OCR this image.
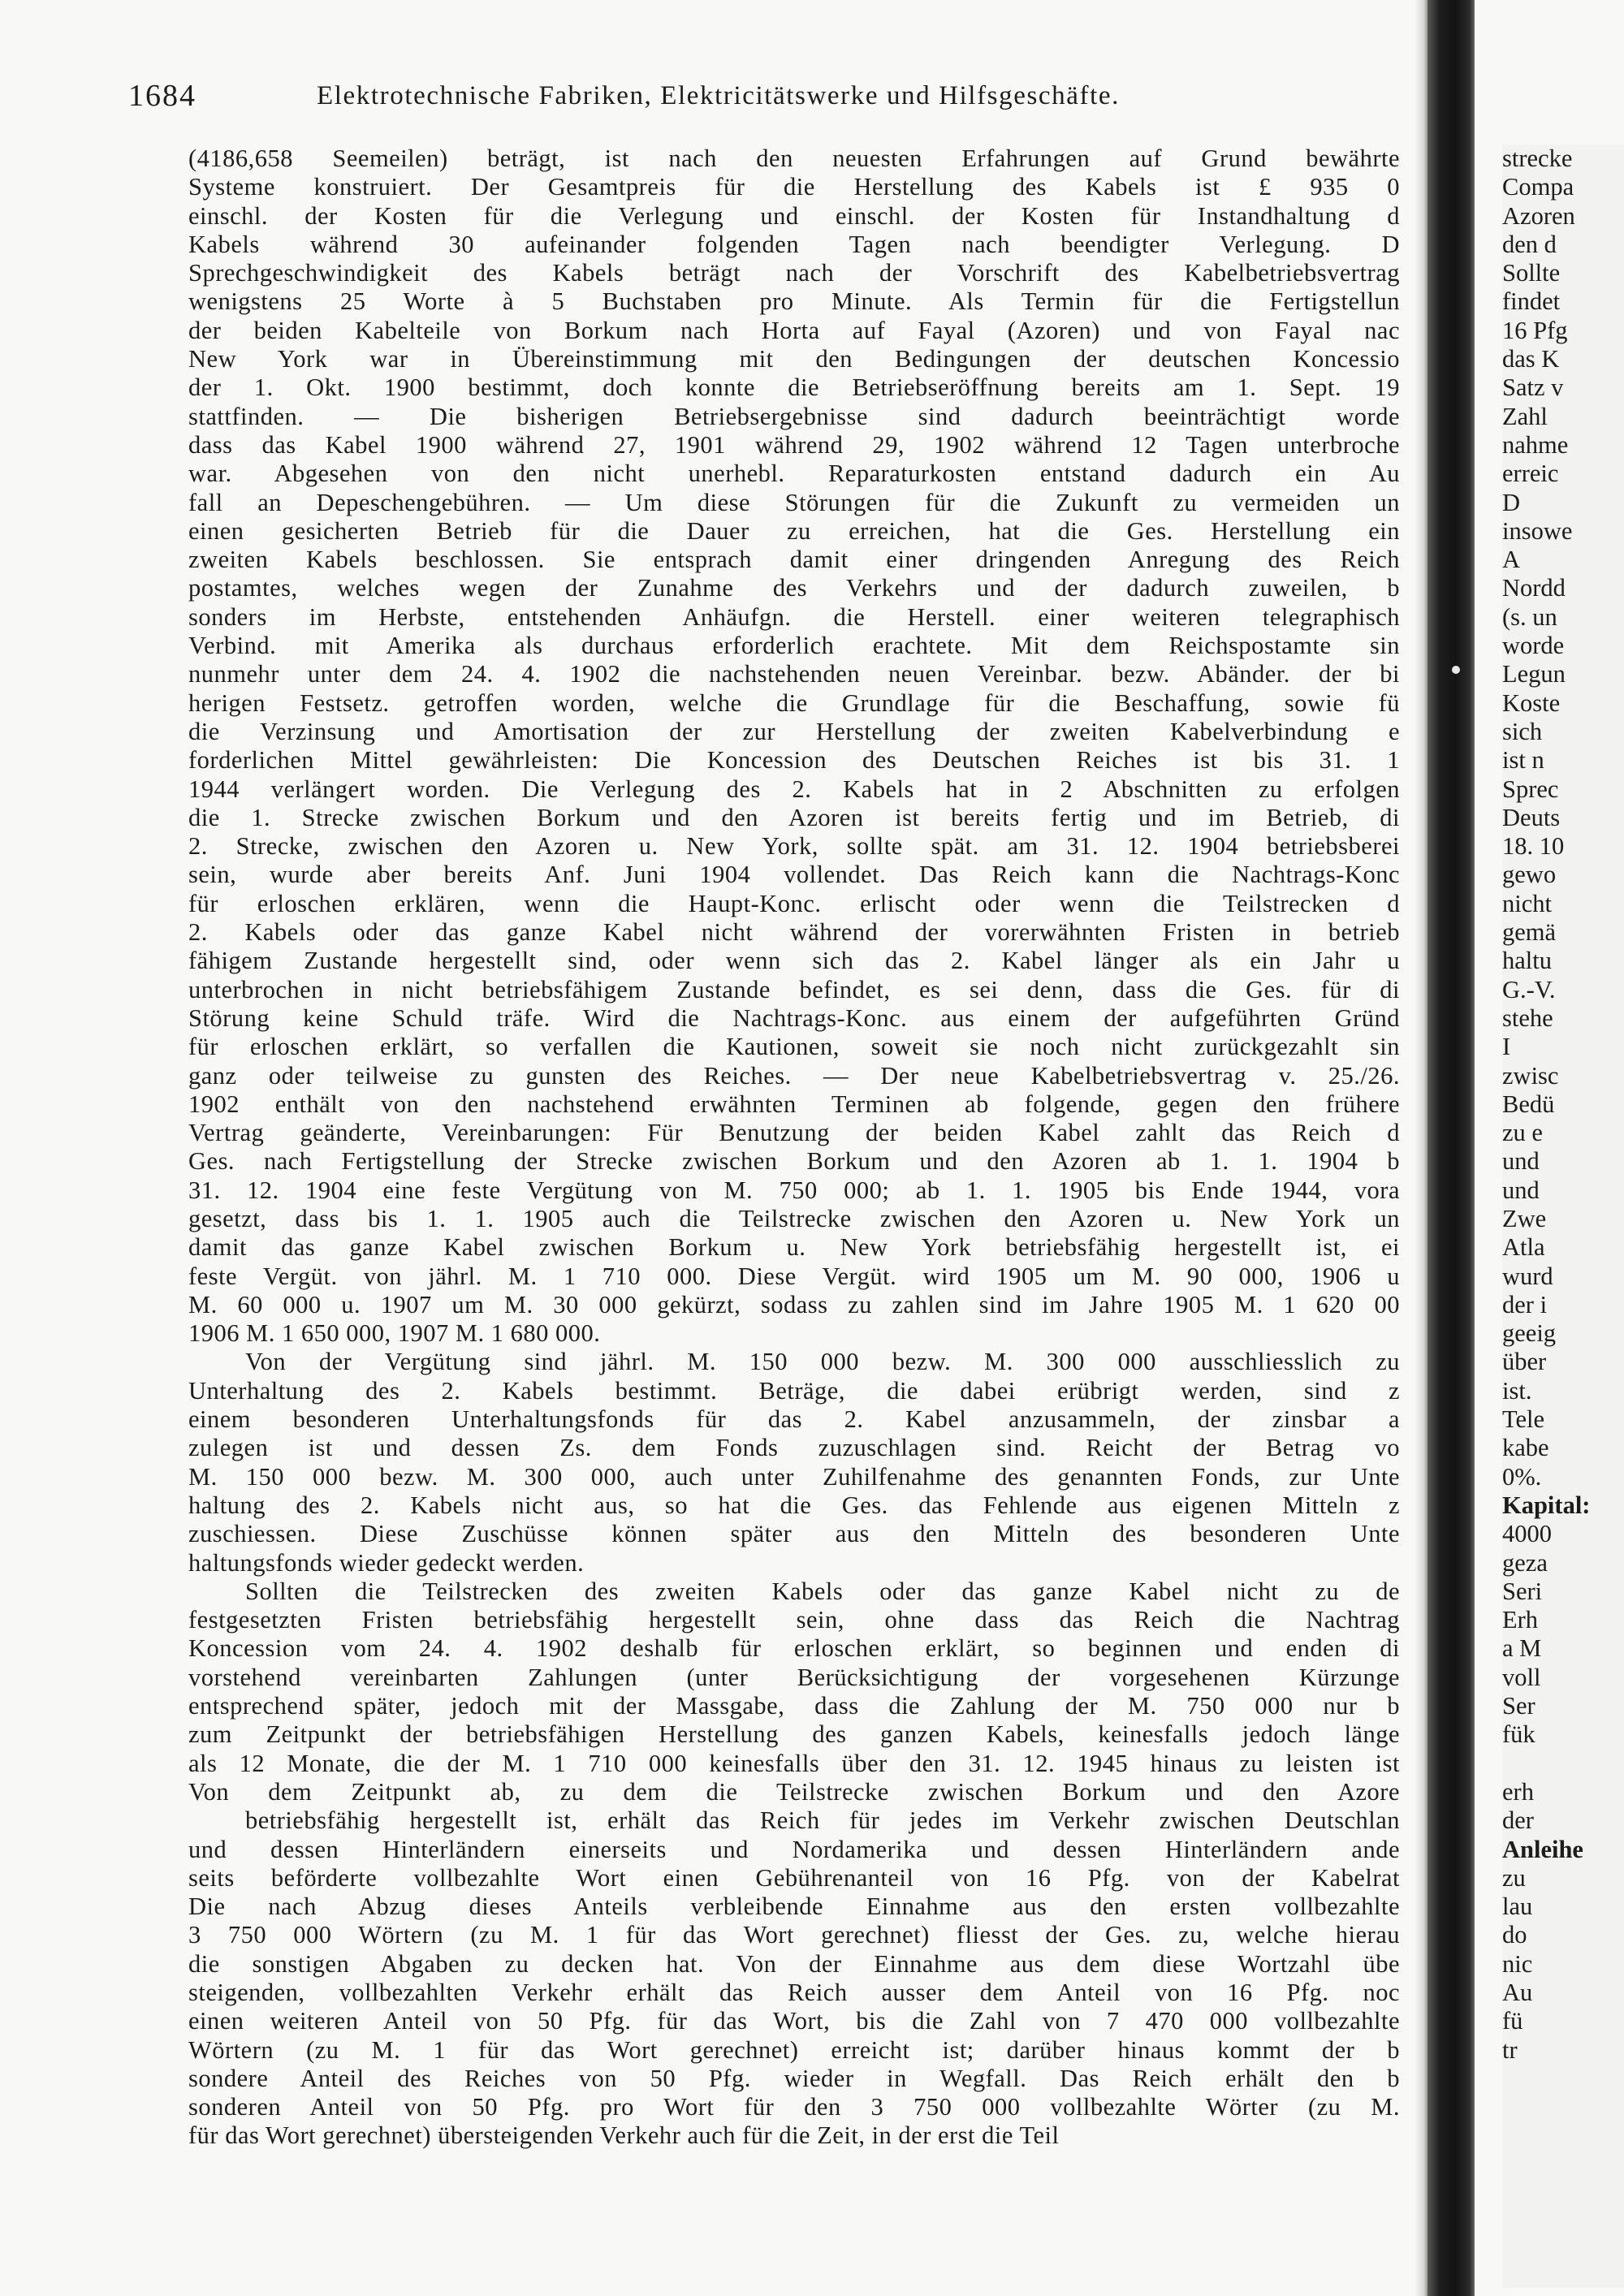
1684	Elektrotechnische Fabriken, Elektricitätswerke und Hilfsgeschäfte.
(4186,658 Seemeilen) beträgt, ist nach den neuesten Erfahrungen auf Grund bewährte
Systeme konstruiert. Der Gesamtpreis für die Herstellung des Kabels ist £ 935 0
einschl. der Kosten für die Verlegung und einschl. der Kosten für Instandhaltung d
Kabels während 30 aufeinander folgenden Tagen nach beendigter Verlegung. D
Sprechgeschwindigkeit des Kabels beträgt nach der Vorschrift des Kabelbetriebsvertrag
wenigstens 25 Worte à 5 Buchstaben pro Minute. Als Termin für die Fertigstellun
der beiden Kabelteile von Borkum nach Horta auf Fayal (Azoren) und von Fayal nac
New York war in Übereinstimmung mit den Bedingungen der deutschen Koncessio
der 1. Okt. 1900 bestimmt, doch konnte die Betriebseröffnung bereits am 1. Sept. 19
stattfinden. — Die bisherigen Betriebsergebnisse sind dadurch beeinträchtigt worde
dass das Kabel 1900 während 27, 1901 während 29, 1902 während 12 Tagen unterbroche
war. Abgesehen von den nicht unerhebl. Reparaturkosten entstand dadurch ein Au
fall an Depeschengebühren. — Um diese Störungen für die Zukunft zu vermeiden un
einen gesicherten Betrieb für die Dauer zu erreichen, hat die Ges. Herstellung ein
zweiten Kabels beschlossen. Sie entsprach damit einer dringenden Anregung des Reich
postamtes, welches wegen der Zunahme des Verkehrs und der dadurch zuweilen, b
sonders im Herbste, entstehenden Anhäufgn. die Herstell. einer weiteren telegraphisch
Verbind. mit Amerika als durchaus erforderlich erachtete. Mit dem Reichspostamte sin
nunmehr unter dem 24. 4. 1902 die nachstehenden neuen Vereinbar. bezw. Abänder. der bi
herigen Festsetz. getroffen worden, welche die Grundlage für die Beschaffung, sowie fü
die Verzinsung und Amortisation der zur Herstellung der zweiten Kabelverbindung e
forderlichen Mittel gewährleisten: Die Koncession des Deutschen Reiches ist bis 31. 1
1944 verlängert worden. Die Verlegung des 2. Kabels hat in 2 Abschnitten zu erfolgen
die 1. Strecke zwischen Borkum und den Azoren ist bereits fertig und im Betrieb, di
2. Strecke, zwischen den Azoren u. New York, sollte spät. am 31. 12. 1904 betriebsberei
sein, wurde aber bereits Anf. Juni 1904 vollendet. Das Reich kann die Nachtrags-Konc
für erloschen erklären, wenn die Haupt-Konc. erlischt oder wenn die Teilstrecken d
2. Kabels oder das ganze Kabel nicht während der vorerwähnten Fristen in betrieb
fähigem Zustande hergestellt sind, oder wenn sich das 2. Kabel länger als ein Jahr u
unterbrochen in nicht betriebsfähigem Zustande befindet, es sei denn, dass die Ges. für di
Störung keine Schuld träfe. Wird die Nachtrags-Konc. aus einem der aufgeführten Gründ
für erloschen erklärt, so verfallen die Kautionen, soweit sie noch nicht zurückgezahlt sin
ganz oder teilweise zu gunsten des Reiches. — Der neue Kabelbetriebsvertrag v. 25./26.
1902 enthält von den nachstehend erwähnten Terminen ab folgende, gegen den frühere
Vertrag geänderte, Vereinbarungen: Für Benutzung der beiden Kabel zahlt das Reich d
Ges. nach Fertigstellung der Strecke zwischen Borkum und den Azoren ab 1. 1. 1904 b
31. 12. 1904 eine feste Vergütung von M. 750 000; ab 1. 1. 1905 bis Ende 1944, vora
gesetzt, dass bis 1. 1. 1905 auch die Teilstrecke zwischen den Azoren u. New York un
damit das ganze Kabel zwischen Borkum u. New York betriebsfähig hergestellt ist, ei
feste Vergüt. von jährl. M. 1 710 000. Diese Vergüt. wird 1905 um M. 90 000, 1906 u
M. 60 000 u. 1907 um M. 30 000 gekürzt, sodass zu zahlen sind im Jahre 1905 M. 1 620 00
1906 M. 1 650 000, 1907 M. 1 680 000.
Von der Vergütung sind jährl. M. 150 000 bezw. M. 300 000 ausschliesslich zu
Unterhaltung des 2. Kabels bestimmt. Beträge, die dabei erübrigt werden, sind z
einem besonderen Unterhaltungsfonds für das 2. Kabel anzusammeln, der zinsbar a
zulegen ist und dessen Zs. dem Fonds zuzuschlagen sind. Reicht der Betrag vo
M. 150 000 bezw. M. 300 000, auch unter Zuhilfenahme des genannten Fonds, zur Unte
haltung des 2. Kabels nicht aus, so hat die Ges. das Fehlende aus eigenen Mitteln z
zuschiessen. Diese Zuschüsse können später aus den Mitteln des besonderen Unte
haltungsfonds wieder gedeckt werden.
Sollten die Teilstrecken des zweiten Kabels oder das ganze Kabel nicht zu de
festgesetzten Fristen betriebsfähig hergestellt sein, ohne dass das Reich die Nachtrag
Koncession vom 24. 4. 1902 deshalb für erloschen erklärt, so beginnen und enden di
vorstehend vereinbarten Zahlungen (unter Berücksichtigung der vorgesehenen Kürzunge
entsprechend später, jedoch mit der Massgabe, dass die Zahlung der M. 750 000 nur b
zum Zeitpunkt der betriebsfähigen Herstellung des ganzen Kabels, keinesfalls jedoch länge
als 12 Monate, die der M. 1 710 000 keinesfalls über den 31. 12. 1945 hinaus zu leisten ist
Von dem Zeitpunkt ab, zu dem die Teilstrecke zwischen Borkum und den Azore
betriebsfähig hergestellt ist, erhält das Reich für jedes im Verkehr zwischen Deutschlan
und dessen Hinterländern einerseits und Nordamerika und dessen Hinterländern ande
seits beförderte vollbezahlte Wort einen Gebührenanteil von 16 Pfg. von der Kabelrat
Die nach Abzug dieses Anteils verbleibende Einnahme aus den ersten vollbezahlte
3 750 000 Wörtern (zu M. 1 für das Wort gerechnet) fliesst der Ges. zu, welche hierau
die sonstigen Abgaben zu decken hat. Von der Einnahme aus dem diese Wortzahl übe
steigenden, vollbezahlten Verkehr erhält das Reich ausser dem Anteil von 16 Pfg. noc
einen weiteren Anteil von 50 Pfg. für das Wort, bis die Zahl von 7 470 000 vollbezahlte
Wörtern (zu M. 1 für das Wort gerechnet) erreicht ist; darüber hinaus kommt der b
sondere Anteil des Reiches von 50 Pfg. wieder in Wegfall. Das Reich erhält den b
sonderen Anteil von 50 Pfg. pro Wort für den 3 750 000 vollbezahlte Wörter (zu M.
für das Wort gerechnet) übersteigenden Verkehr auch für die Zeit, in der erst die Teil
strecke
Compa
Azoren
den d
Sollte
findet
16 Pfg
das K
Satz v
Zahl
nahme
erreic
D
insowe
A
Nordd
(s. un
worde
Legun
Koste
sich
ist n
Sprec
Deuts
18. 10
gewo
nicht
gemä
haltu
G.-V.
stehe
I
zwisc
Bedü
zu e
und
und
Zwe
Atla
wurd
der i
geeig
über
ist.
Tele
kabe
0%.
Kapital:
4000
geza
Seri
Erh
a M
voll
Ser
fük
erh
der
Anleihe
zu
lau
do
nic
Au
fü
tr
